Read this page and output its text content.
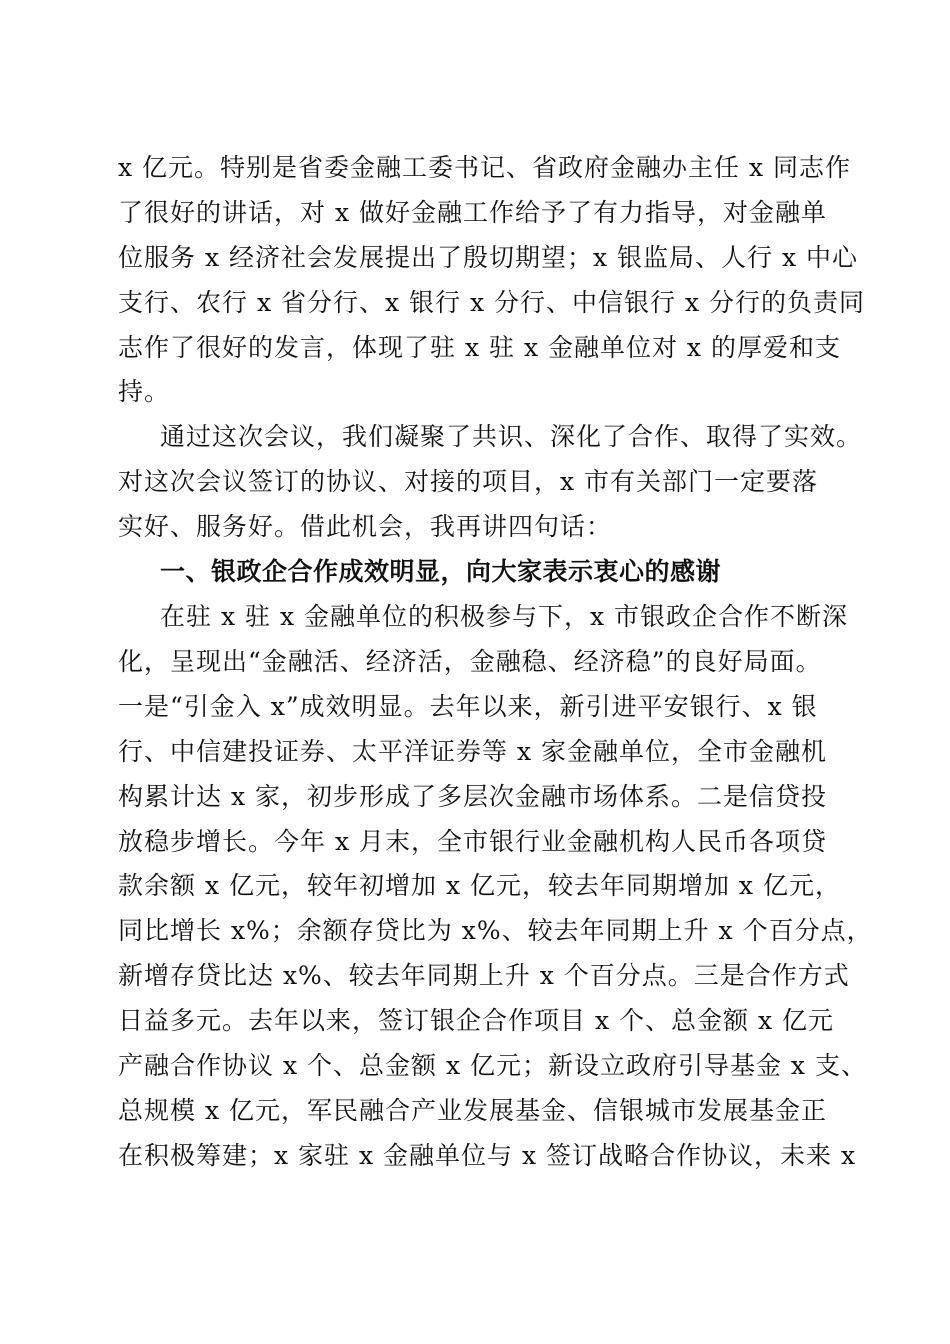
x 亿元。特别是省委金融工委书记、省政府金融办主任 x 同志作
了很好的讲话，对 x 做好金融工作给予了有力指导，对金融单
位服务 x 经济社会发展提出了殷切期望；x 银监局、人行 x 中心
支行、农行 x 省分行、x 银行 x 分行、中信银行 x 分行的负责同
志作了很好的发言，体现了驻 x 驻 x 金融单位对 x 的厚爱和支
持。
通过这次会议，我们凝聚了共识、深化了合作、取得了实效。
对这次会议签订的协议、对接的项目，x 市有关部门一定要落
实好、服务好。借此机会，我再讲四句话：
一、银政企合作成效明显，向大家表示衷心的感谢
在驻 x 驻 x 金融单位的积极参与下，x 市银政企合作不断深
化，呈现出“金融活、经济活，金融稳、经济稳”的良好局面。
一是“引金入 x”成效明显。去年以来，新引进平安银行、x 银
行、中信建投证券、太平洋证券等 x 家金融单位，全市金融机
构累计达 x 家，初步形成了多层次金融市场体系。二是信贷投
放稳步增长。今年 x 月末，全市银行业金融机构人民币各项贷
款余额 x 亿元，较年初增加 x 亿元，较去年同期增加 x 亿元，
同比增长 x%；余额存贷比为 x%、较去年同期上升 x 个百分点，
新增存贷比达 x%、较去年同期上升 x 个百分点。三是合作方式
日益多元。去年以来，签订银企合作项目 x 个、总金额 x 亿元
产融合作协议 x 个、总金额 x 亿元；新设立政府引导基金 x 支、
总规模 x 亿元，军民融合产业发展基金、信银城市发展基金正
在积极筹建；x 家驻 x 金融单位与 x 签订战略合作协议，未来 x
